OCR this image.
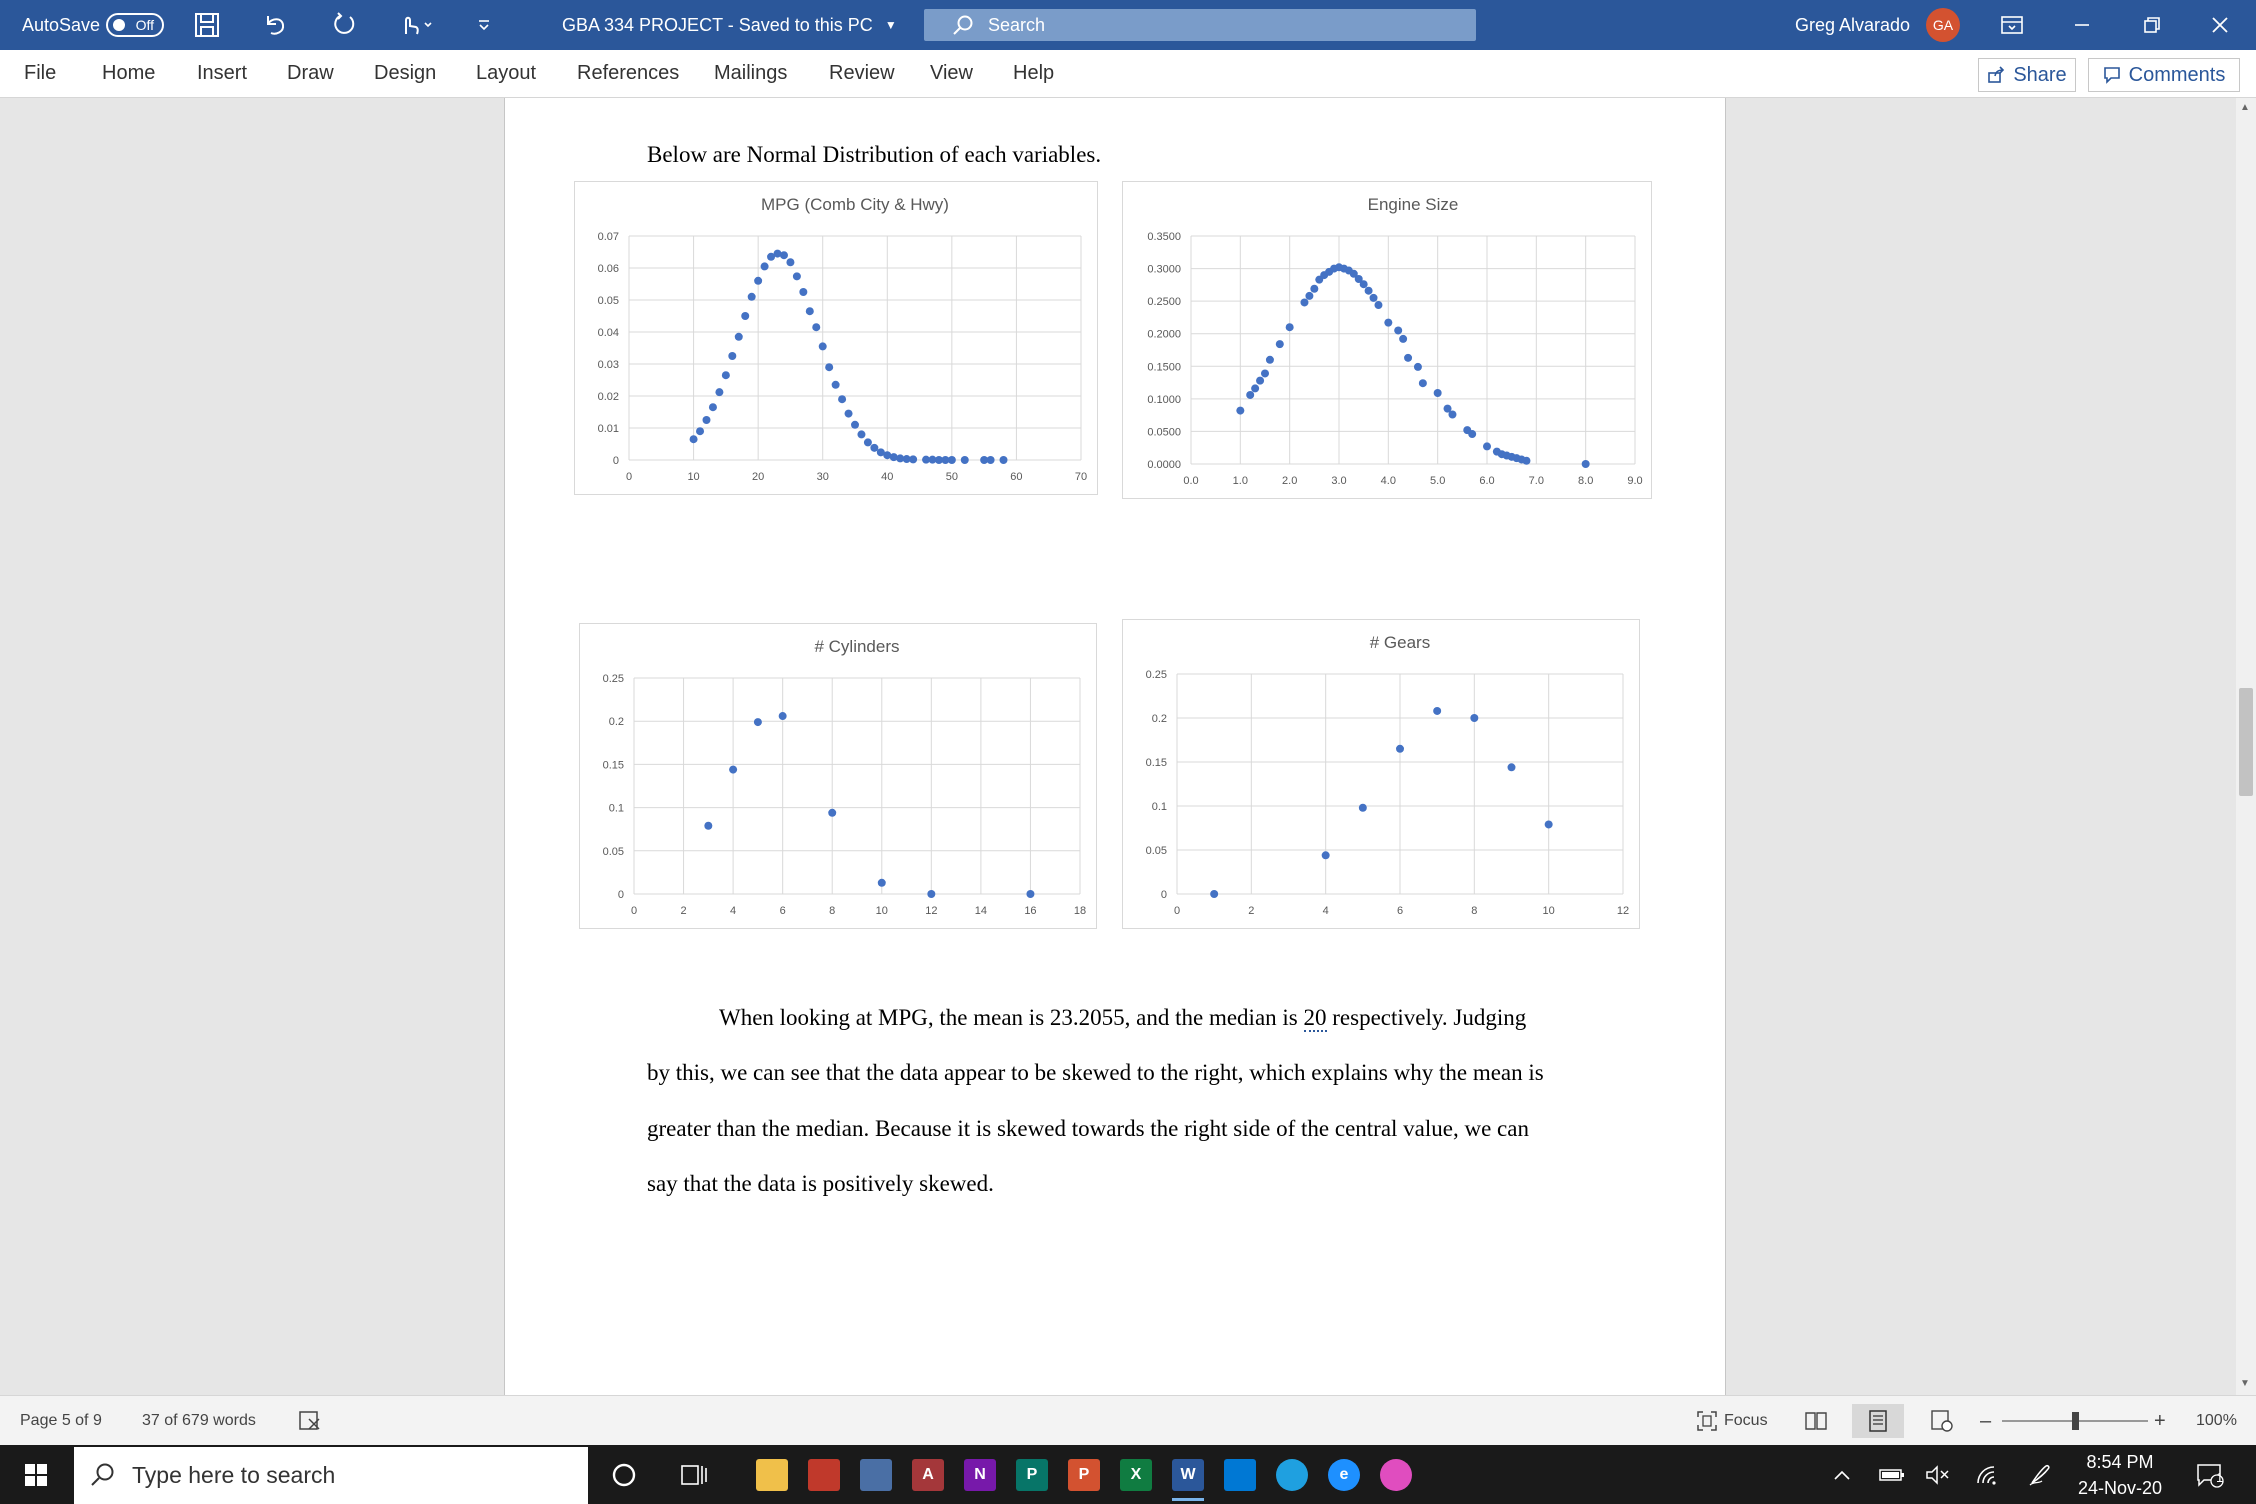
AutoSave	Off	GBA 334 PROJECT - Saved to this PC ▼	Search	Greg Alvarado	GA
File Home Insert Draw Design Layout References Mailings Review View Help	Share	Comments
Below are Normal Distribution of each variables.
MPG (Comb City & Hwy)
0
0.01
0.02
0.03
0.04
0.05
0.06
0.07
0	10	20	30	40	50	60	70
Engine Size
0.0000
0.0500
0.1000
0.1500
0.2000
0.2500
0.3000
0.3500
0.0	1.0	2.0	3.0	4.0	5.0	6.0	7.0	8.0	9.0
# Cylinders
0
0.05
0.1
0.15
0.2
0.25
0	2	4	6	8	10	12	14	16	18
# Gears
0
0.05
0.1
0.15
0.2
0.25
0	2	4	6	8	10	12
When looking at MPG, the mean is 23.2055, and the median is 20 respectively. Judging
by this, we can see that the data appear to be skewed to the right, which explains why the mean is
greater than the median. Because it is skewed towards the right side of the central value, we can
say that the data is positively skewed.
▲
▼
Page 5 of 9	37 of 679 words	Focus	–	+ 100%
Type here to search	A	N	P	P	X	W	e
8:54 PM
24-Nov-20	1
